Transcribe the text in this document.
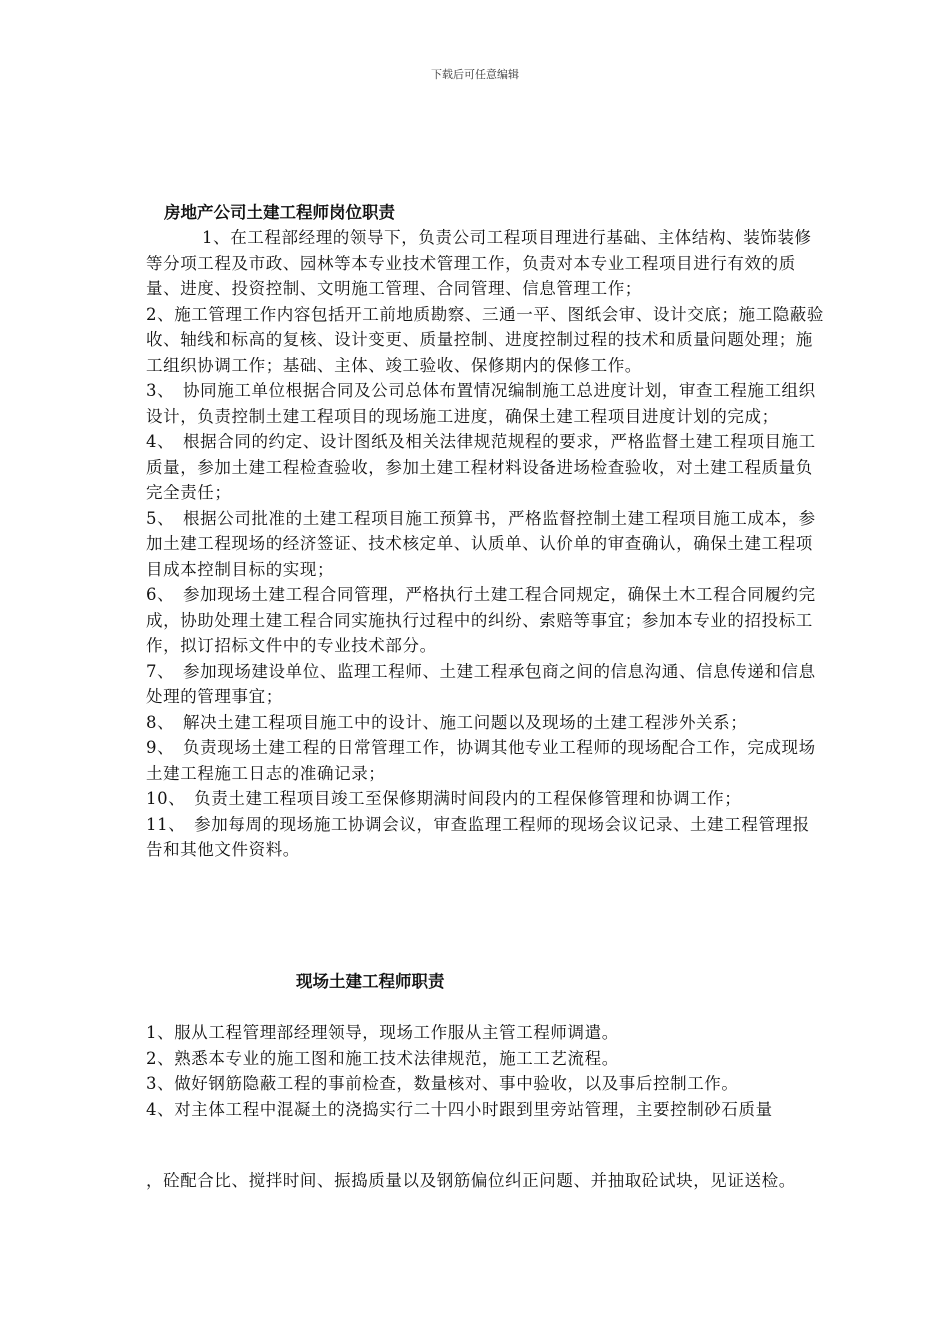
下载后可任意编辑
房地产公司土建工程师岗位职责

1、在工程部经理的领导下，负责公司工程项目理进行基础、主体结构、装饰装修等分项工程及市政、园林等本专业技术管理工作，负责对本专业工程项目进行有效的质量、进度、投资控制、文明施工管理、合同管理、信息管理工作；

2、施工管理工作内容包括开工前地质勘察、三通一平、图纸会审、设计交底；施工隐蔽验收、轴线和标高的复核、设计变更、质量控制、进度控制过程的技术和质量问题处理；施工组织协调工作；基础、主体、竣工验收、保修期内的保修工作。

3、　协同施工单位根据合同及公司总体布置情况编制施工总进度计划，审查工程施工组织设计，负责控制土建工程项目的现场施工进度，确保土建工程项目进度计划的完成；

4、　根据合同的约定、设计图纸及相关法律规范规程的要求，严格监督土建工程项目施工质量，参加土建工程检查验收，参加土建工程材料设备进场检查验收，对土建工程质量负完全责任；

5、　根据公司批准的土建工程项目施工预算书，严格监督控制土建工程项目施工成本，参加土建工程现场的经济签证、技术核定单、认质单、认价单的审查确认，确保土建工程项目成本控制目标的实现；

6、　参加现场土建工程合同管理，严格执行土建工程合同规定，确保土木工程合同履约完成，协助处理土建工程合同实施执行过程中的纠纷、索赔等事宜；参加本专业的招投标工作，拟订招标文件中的专业技术部分。

7、　参加现场建设单位、监理工程师、土建工程承包商之间的信息沟通、信息传递和信息处理的管理事宜；

8、　解决土建工程项目施工中的设计、施工问题以及现场的土建工程涉外关系；

9、　负责现场土建工程的日常管理工作，协调其他专业工程师的现场配合工作，完成现场土建工程施工日志的准确记录；

10、　负责土建工程项目竣工至保修期满时间段内的工程保修管理和协调工作；

11、　参加每周的现场施工协调会议，审查监理工程师的现场会议记录、土建工程管理报告和其他文件资料。

现场土建工程师职责

1、服从工程管理部经理领导，现场工作服从主管工程师调遣。

2、熟悉本专业的施工图和施工技术法律规范，施工工艺流程。

3、做好钢筋隐蔽工程的事前检查，数量核对、事中验收，以及事后控制工作。

4、对主体工程中混凝土的浇捣实行二十四小时跟到里旁站管理，主要控制砂石质量

，砼配合比、搅拌时间、振捣质量以及钢筋偏位纠正问题、并抽取砼试块，见证送检。
